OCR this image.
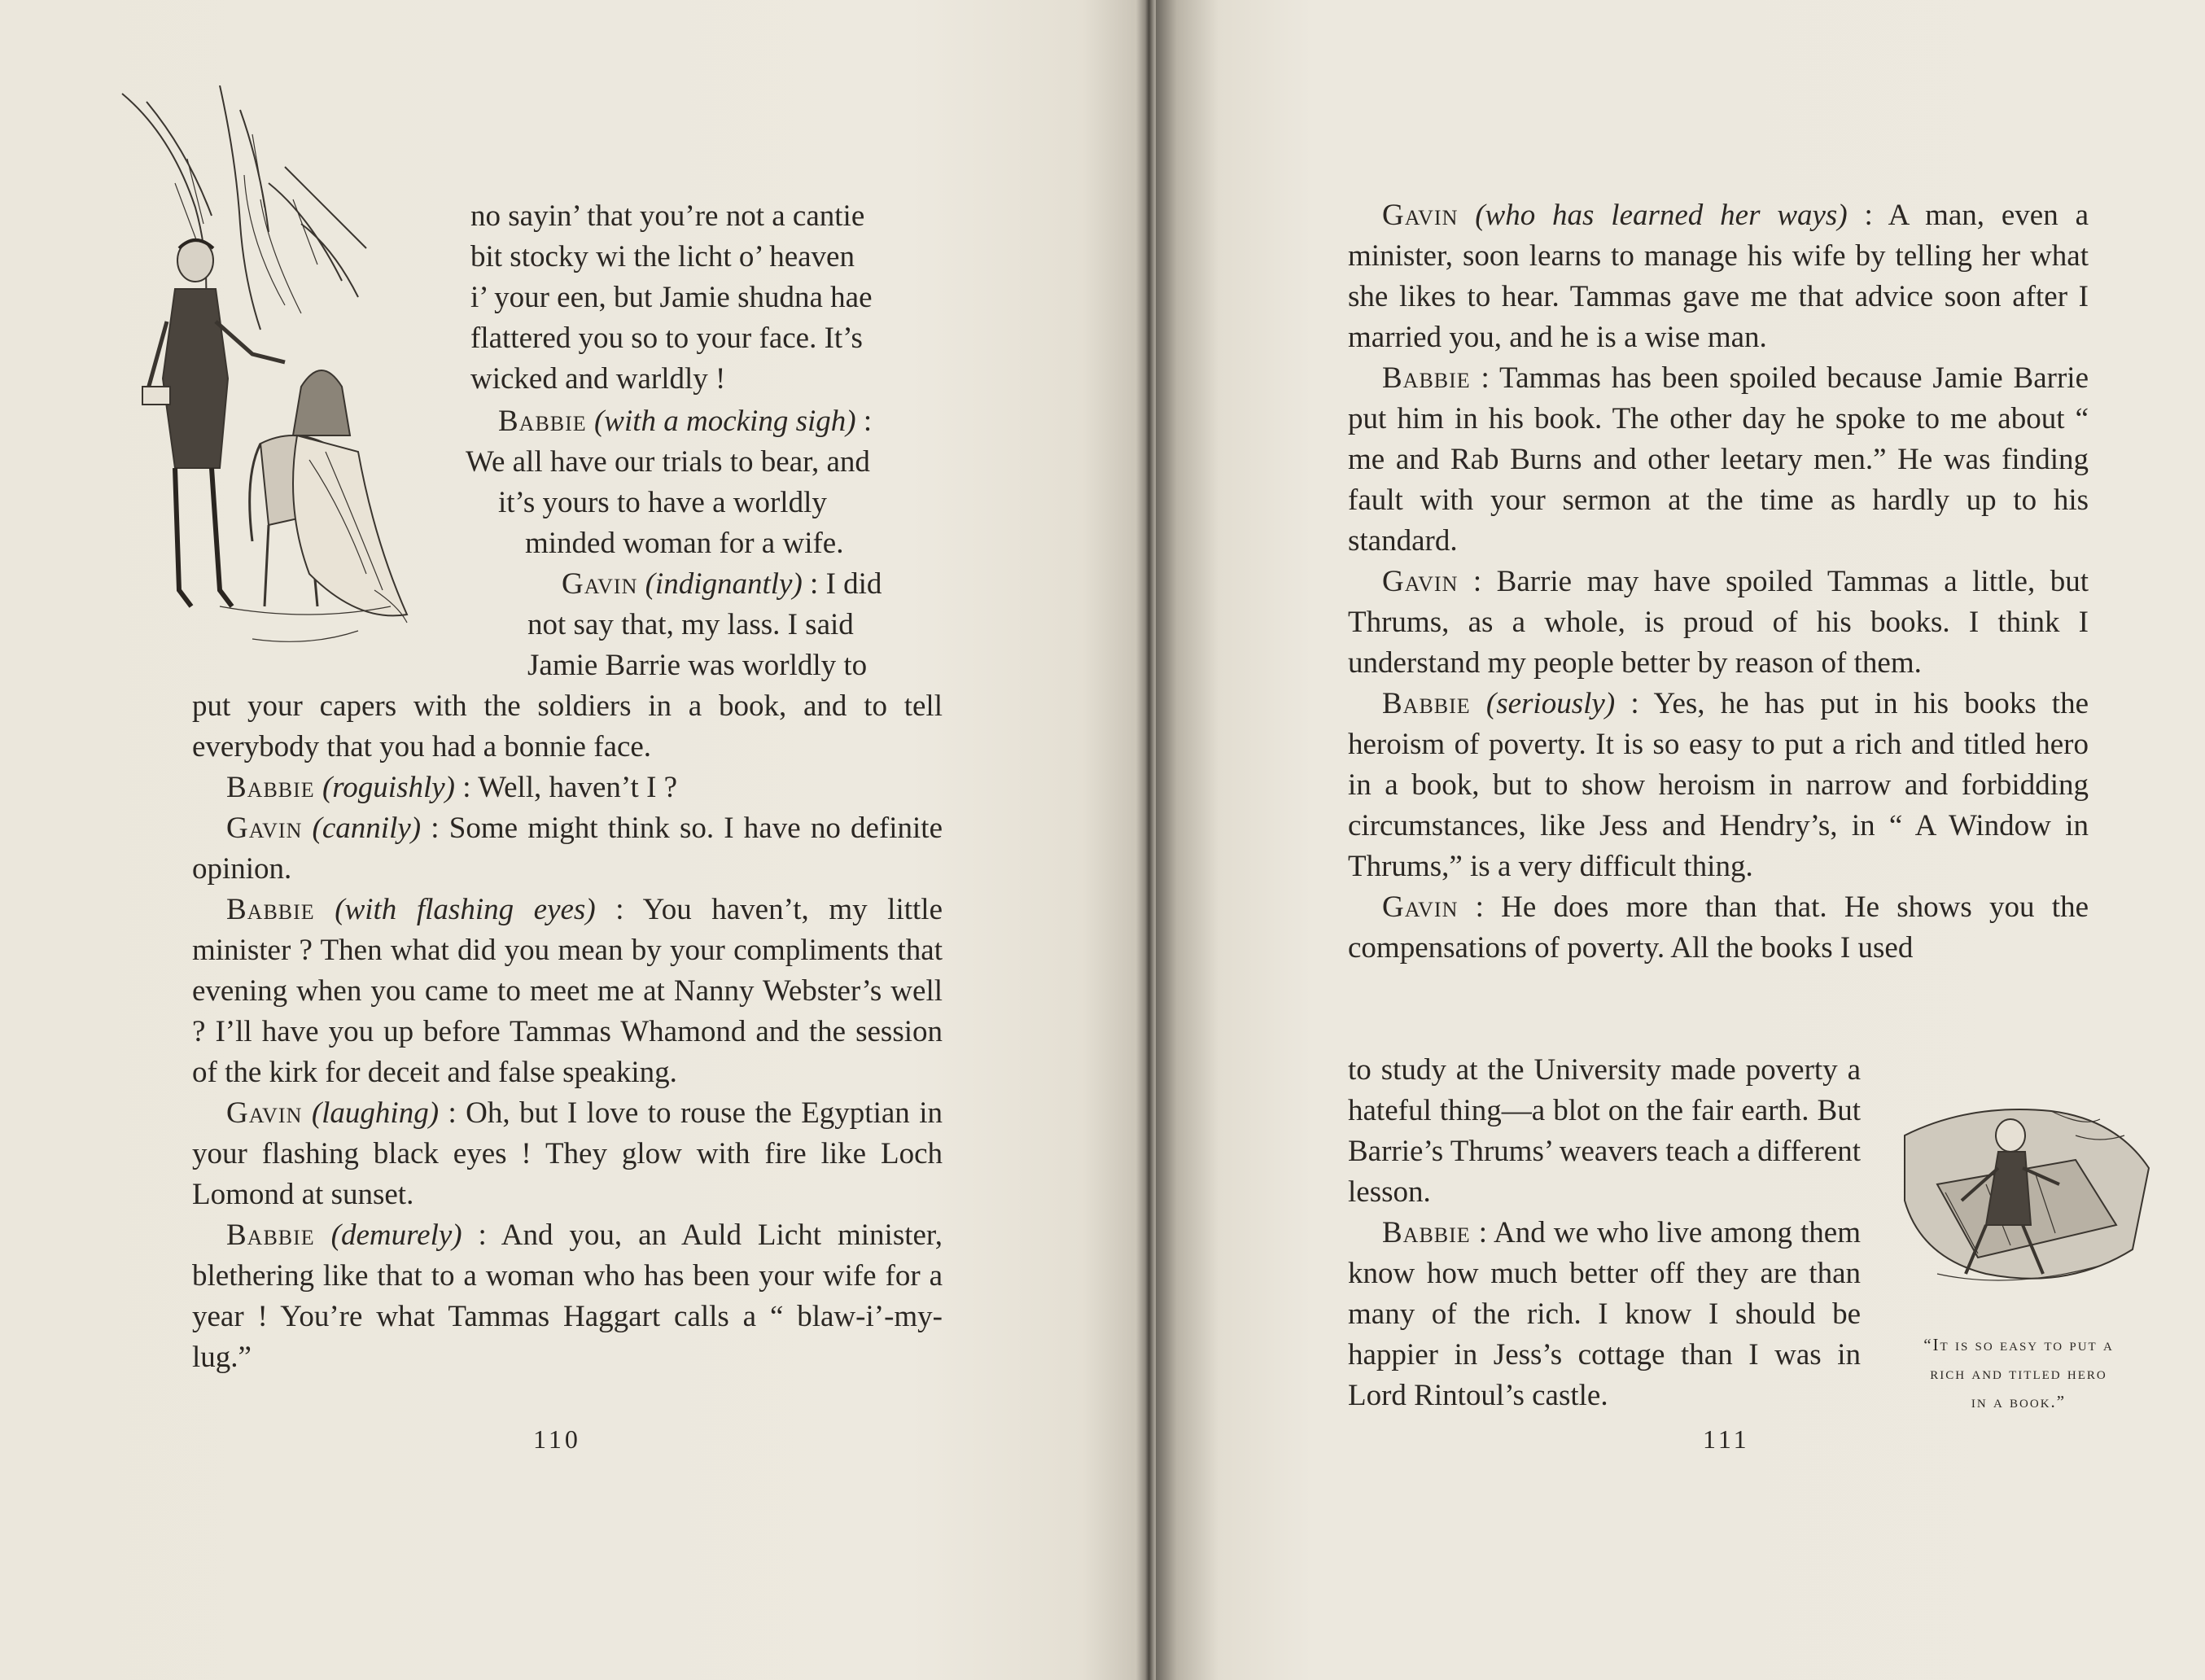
no sayin’ that you’re not a cantie

bit stocky wi the licht o’ heaven

i’ your een, but Jamie shudna hae

flattered you so to your face. It’s

wicked and warldly !

Babbie (with a mocking sigh) :

We all have our trials to bear, and

it’s yours to have a worldly

minded woman for a wife.

Gavin (indignantly) : I did

not say that, my lass. I said

Jamie Barrie was worldly to

put your capers with the soldiers in a book, and to tell everybody that you had a bonnie face.

Babbie (roguishly) : Well, haven’t I ?

Gavin (cannily) : Some might think so. I have no definite opinion.

Babbie (with flashing eyes) : You haven’t, my little minister ? Then what did you mean by your compliments that evening when you came to meet me at Nanny Webster’s well ? I’ll have you up before Tammas Whamond and the session of the kirk for deceit and false speaking.

Gavin (laughing) : Oh, but I love to rouse the Egyptian in your flashing black eyes ! They glow with fire like Loch Lomond at sunset.

Babbie (demurely) : And you, an Auld Licht minister, blethering like that to a woman who has been your wife for a year ! You’re what Tammas Haggart calls a “ blaw-i’-my-lug.”

110

Gavin (who has learned her ways) : A man, even a minister, soon learns to manage his wife by telling her what she likes to hear. Tammas gave me that advice soon after I married you, and he is a wise man.

Babbie : Tammas has been spoiled because Jamie Barrie put him in his book. The other day he spoke to me about “ me and Rab Burns and other leetary men.” He was finding fault with your sermon at the time as hardly up to his standard.

Gavin : Barrie may have spoiled Tammas a little, but Thrums, as a whole, is proud of his books. I think I understand my people better by reason of them.

Babbie (seriously) : Yes, he has put in his books the heroism of poverty. It is so easy to put a rich and titled hero in a book, but to show heroism in narrow and forbidding circumstances, like Jess and Hendry’s, in “ A Window in Thrums,” is a very difficult thing.

Gavin : He does more than that. He shows you the compensations of poverty. All the books I used

to study at the University made poverty a hateful thing—a blot on the fair earth. But Barrie’s Thrums’ weavers teach a different lesson.

Babbie : And we who live among them know how much better off they are than many of the rich. I know I should be happier in Jess’s cottage than I was in Lord Rintoul’s castle.

“It is so easy to put a
rich and titled hero
in a book.”
111
